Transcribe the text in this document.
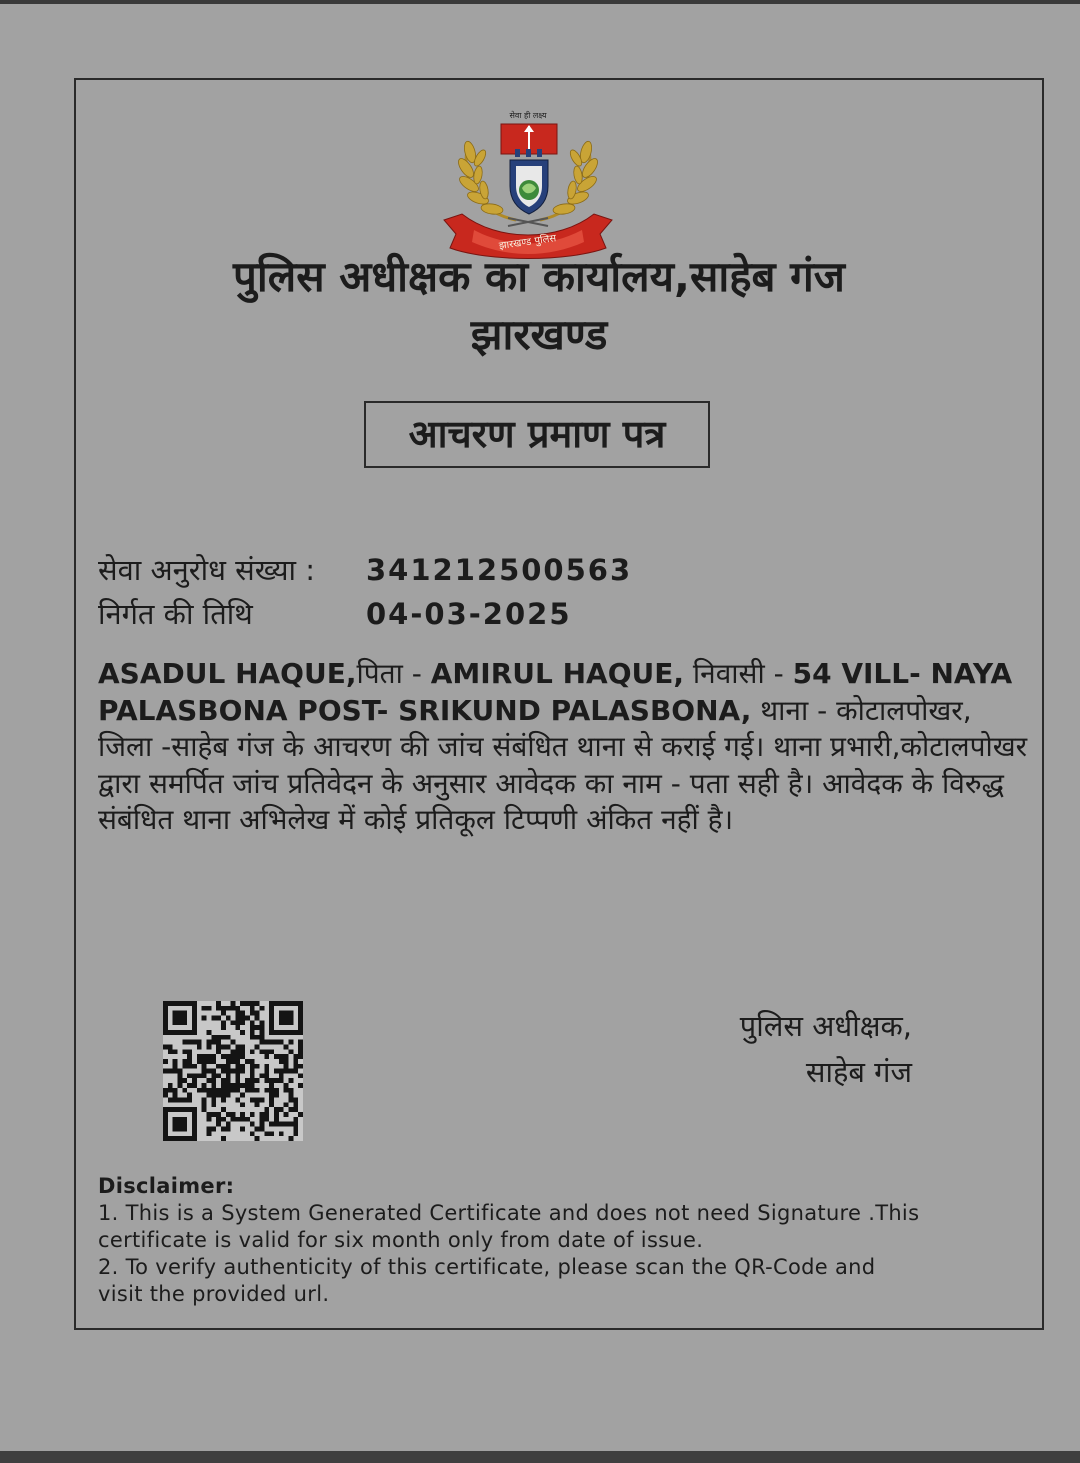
सेवा ही लक्ष्य
झारखण्ड पुलिस
पुलिस अधीक्षक का कार्यालय,साहेब गंज
झारखण्ड
आचरण प्रमाण पत्र
सेवा अनुरोध संख्या : 341212500563
निर्गत की तिथि	04-03-2025

ASADUL HAQUE,पिता - AMIRUL HAQUE, निवासी - 54 VILL- NAYA PALASBONA POST- SRIKUND PALASBONA, थाना - कोटालपोखर, जिला -साहेब गंज के आचरण की जांच संबंधित थाना से कराई गई। थाना प्रभारी,कोटालपोखर द्वारा समर्पित जांच प्रतिवेदन के अनुसार आवेदक का नाम - पता सही है। आवेदक के विरुद्ध संबंधित थाना अभिलेख में कोई प्रतिकूल टिप्पणी अंकित नहीं है।

पुलिस अधीक्षक,
साहेब गंज
Disclaimer:
1. This is a System Generated Certificate and does not need Signature .This
certificate is valid for six month only from date of issue.
2. To verify authenticity of this certificate, please scan the QR-Code and
visit the provided url.
